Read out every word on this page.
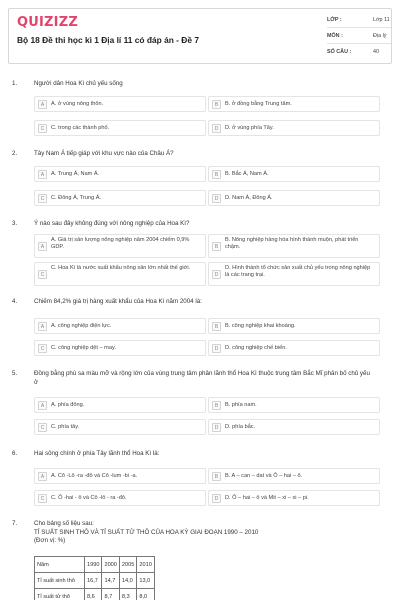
QUIZIZZ
Bộ 18 Đề thi học kì 1 Địa lí 11 có đáp án - Đề 7
LỚP :	Lớp 11
MÔN :	Địa lý
SỐ CÂU :	40
1.	Người dân Hoa Kì chủ yếu sống
A	A. ở vùng nông thôn.	B	B. ở đồng bằng Trung tâm.
C	C. trong các thành phố.	D	D. ở vùng phía Tây.
2.	Tây Nam Á tiếp giáp với khu vực nào của Châu Á?
A	A. Trung Á, Nam Á.	B	B. Bắc Á, Nam Á.
C	C. Đông Á, Trung Á.	D	D. Nam Á, Đông Á.
3.	Ý nào sau đây không đúng với nông nghiệp của Hoa Kì?
A
A. Giá trị sản lượng nông nghiệp năm 2004 chiếm 0,9% GDP.	B
B. Nông nghiệp hàng hóa hình thành muộn, phát triển chậm.
C
C. Hoa Kì là nước xuất khẩu nông sản lớn nhất thế giới.
D
D. Hình thành tổ chức sản xuất chủ yếu trong nông nghiệp là các trang trại.
4.	Chiếm 84,2% giá trị hàng xuất khẩu của Hoa Kì năm 2004 là:
A	A. công nghiệp điện lực.	B	B. công nghiệp khai khoáng.
C	C. công nghiệp dệt – may.	D	D. công nghiệp chế biến.
5.	Đồng bằng phù sa màu mỡ và rộng lớn của vùng trung tâm phân lãnh thổ Hoa Kì thuộc trung tâm Bắc Mĩ phân bố chủ yếu ở
A	A. phía đông.	B	B. phía nam.
C	C. phía tây.	D	D. phía bắc.
6.	Hai sông chính ở phía Tây lãnh thổ Hoa Kì là:
A	A. Cô -Lô -ra -đô và Cô -lum -bi -a.	B	B. A – can – dat và Ô – hai – ô.
C	C. Ô -hai - ô và Cô -lô - ra -đô.	D	D. Ô – hai – ô và Mit – xi – xi – pi.
7.	Cho bảng số liệu sau:
TỈ SUẤT SINH THÔ VÀ TỈ SUẤT TỬ THÔ CỦA HOA KỲ GIAI ĐOẠN 1990 – 2010
(Đơn vị: %)
Năm	1990	2000	2005	2010
Tỉ suất sinh thô	16,7	14,7	14,0	13,0
Tỉ suất tử thô	8,6	8,7	8,3	8,0
